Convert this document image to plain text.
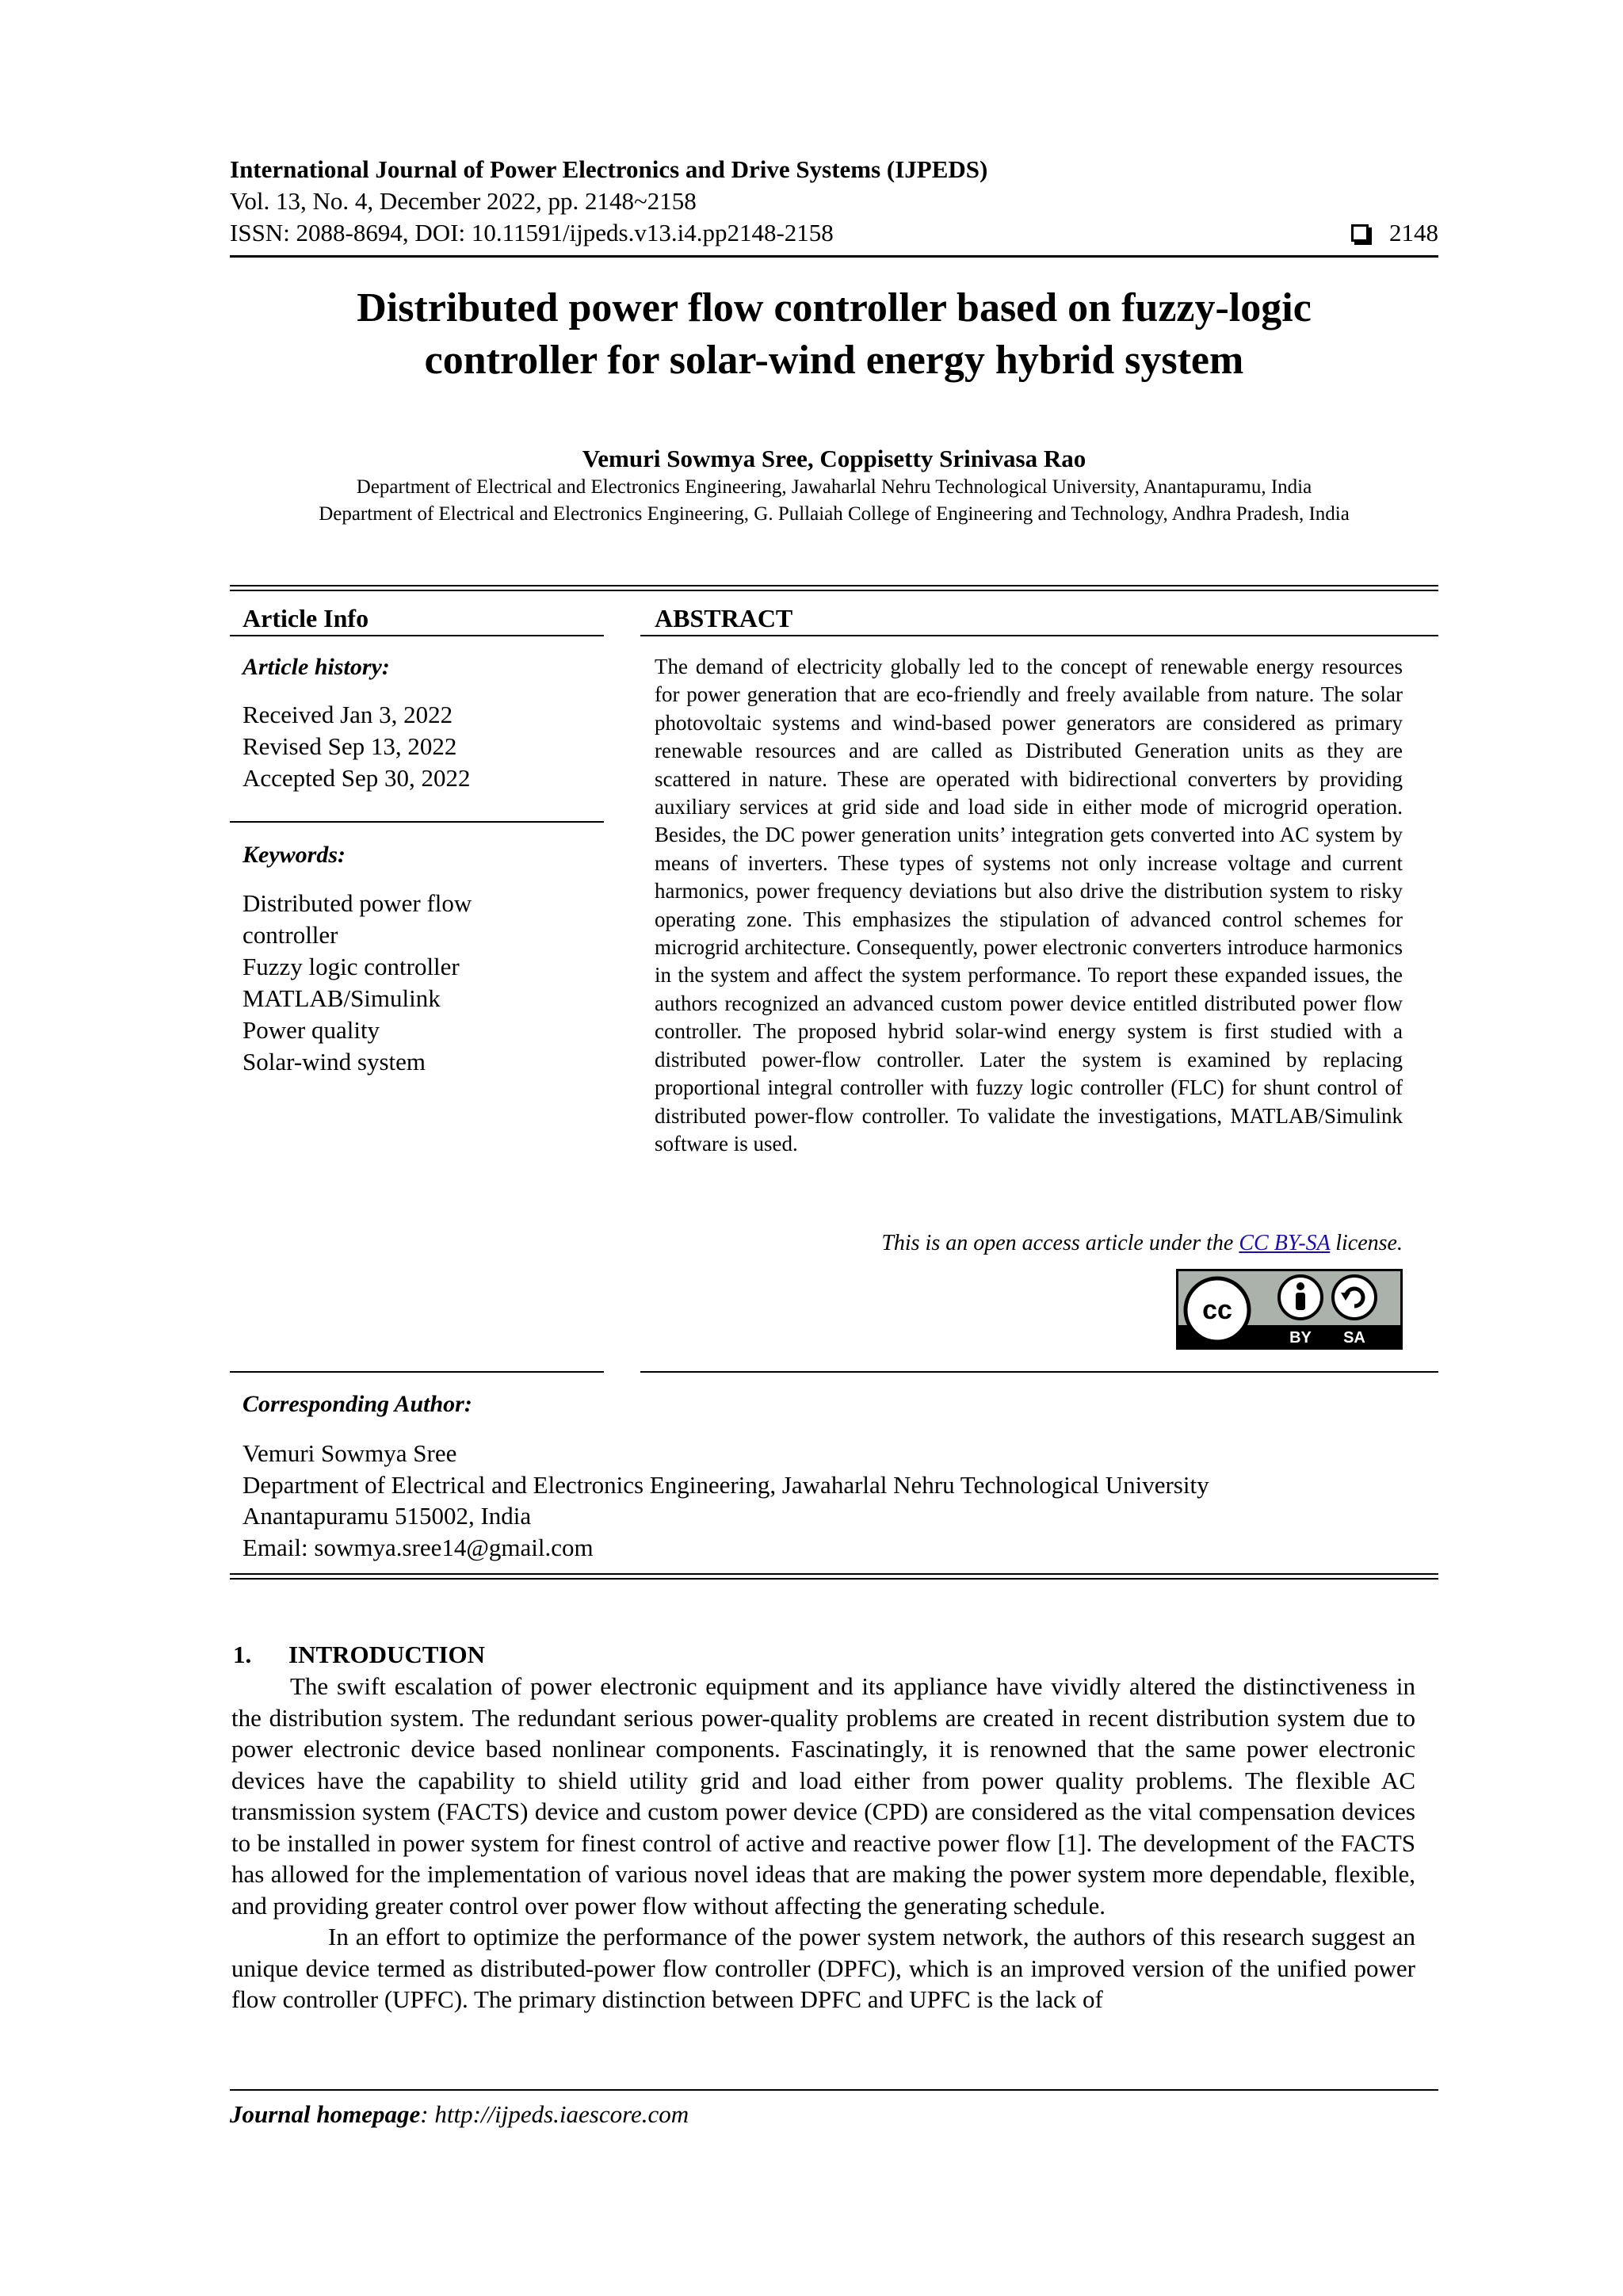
International Journal of Power Electronics and Drive Systems (IJPEDS)
Vol. 13, No. 4, December 2022, pp. 2148~2158
ISSN: 2088-8694, DOI: 10.11591/ijpeds.v13.i4.pp2148-2158	2148
Distributed power flow controller based on fuzzy-logic
controller for solar-wind energy hybrid system
Vemuri Sowmya Sree, Coppisetty Srinivasa Rao
Department of Electrical and Electronics Engineering, Jawaharlal Nehru Technological University, Anantapuramu, India
Department of Electrical and Electronics Engineering, G. Pullaiah College of Engineering and Technology, Andhra Pradesh, India
Article Info
Article history:
Received Jan 3, 2022
Revised Sep 13, 2022
Accepted Sep 30, 2022
Keywords:
Distributed power flow
controller
Fuzzy logic controller
MATLAB/Simulink
Power quality
Solar-wind system
ABSTRACT
The demand of electricity globally led to the concept of renewable energy resources for power generation that are eco-friendly and freely available from nature. The solar photovoltaic systems and wind-based power generators are considered as primary renewable resources and are called as Distributed Generation units as they are scattered in nature. These are operated with bidirectional converters by providing auxiliary services at grid side and load side in either mode of microgrid operation. Besides, the DC power generation units’ integration gets converted into AC system by means of inverters. These types of systems not only increase voltage and current harmonics, power frequency deviations but also drive the distribution system to risky operating zone. This emphasizes the stipulation of advanced control schemes for microgrid architecture. Consequently, power electronic converters introduce harmonics in the system and affect the system performance. To report these expanded issues, the authors recognized an advanced custom power device entitled distributed power flow controller. The proposed hybrid solar-wind energy system is first studied with a distributed power-flow controller. Later the system is examined by replacing proportional integral controller with fuzzy logic controller (FLC) for shunt control of distributed power-flow controller. To validate the investigations, MATLAB/Simulink software is used.
This is an open access article under the CC BY-SA license.
cc
BY SA
Corresponding Author:
Vemuri Sowmya Sree
Department of Electrical and Electronics Engineering, Jawaharlal Nehru Technological University
Anantapuramu 515002, India
Email: sowmya.sree14@gmail.com
1. INTRODUCTION

The swift escalation of power electronic equipment and its appliance have vividly altered the distinctiveness in the distribution system. The redundant serious power-quality problems are created in recent distribution system due to power electronic device based nonlinear components. Fascinatingly, it is renowned that the same power electronic devices have the capability to shield utility grid and load either from power quality problems. The flexible AC transmission system (FACTS) device and custom power device (CPD) are considered as the vital compensation devices to be installed in power system for finest control of active and reactive power flow [1]. The development of the FACTS has allowed for the implementation of various novel ideas that are making the power system more dependable, flexible, and providing greater control over power flow without affecting the generating schedule.

In an effort to optimize the performance of the power system network, the authors of this research suggest an unique device termed as distributed-power flow controller (DPFC), which is an improved version of the unified power flow controller (UPFC). The primary distinction between DPFC and UPFC is the lack of

Journal homepage: http://ijpeds.iaescore.com
